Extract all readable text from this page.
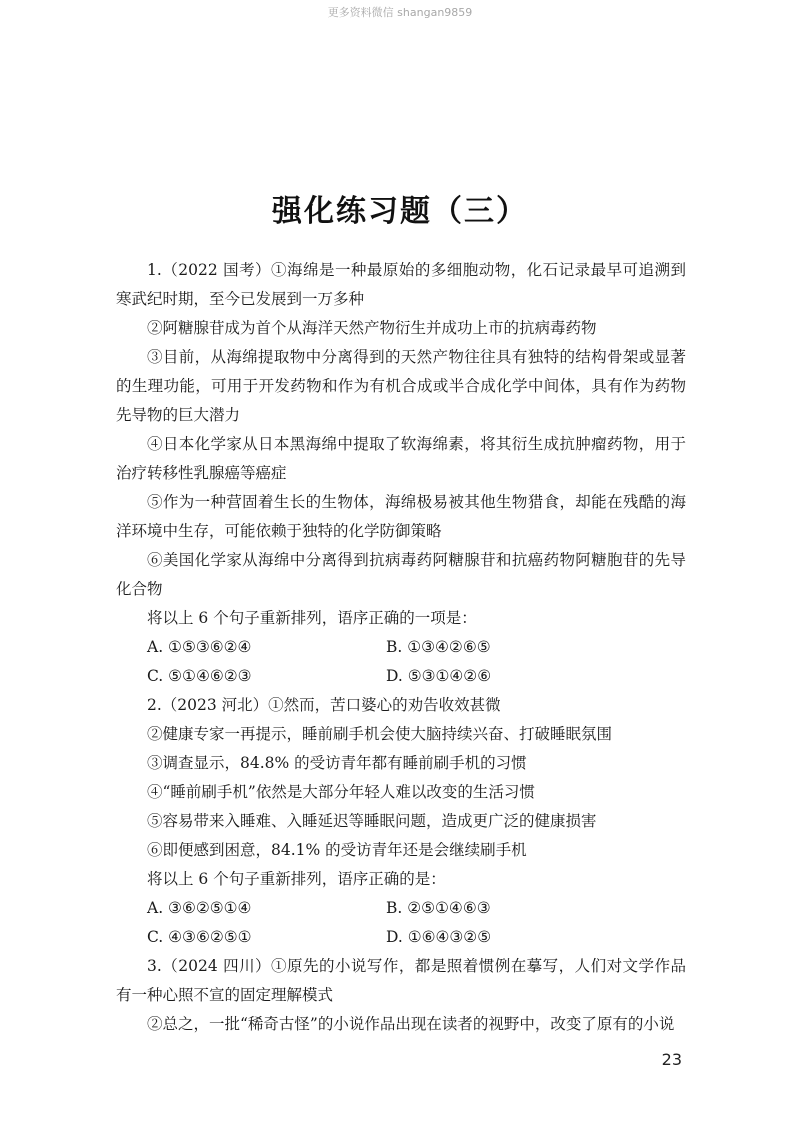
更多资料微信 shangan9859
强化练习题（三）

1.（2022 国考）①海绵是一种最原始的多细胞动物，化石记录最早可追溯到寒武纪时期，至今已发展到一万多种

②阿糖腺苷成为首个从海洋天然产物衍生并成功上市的抗病毒药物

③目前，从海绵提取物中分离得到的天然产物往往具有独特的结构骨架或显著的生理功能，可用于开发药物和作为有机合成或半合成化学中间体，具有作为药物先导物的巨大潜力

④日本化学家从日本黑海绵中提取了软海绵素，将其衍生成抗肿瘤药物，用于治疗转移性乳腺癌等癌症

⑤作为一种营固着生长的生物体，海绵极易被其他生物猎食，却能在残酷的海洋环境中生存，可能依赖于独特的化学防御策略

⑥美国化学家从海绵中分离得到抗病毒药阿糖腺苷和抗癌药物阿糖胞苷的先导化合物

将以上 6 个句子重新排列，语序正确的一项是：

A. ①⑤③⑥②④	B. ①③④②⑥⑤
C. ⑤①④⑥②③	D. ⑤③①④②⑥

2.（2023 河北）①然而，苦口婆心的劝告收效甚微

②健康专家一再提示，睡前刷手机会使大脑持续兴奋、打破睡眠氛围

③调查显示，84.8% 的受访青年都有睡前刷手机的习惯

④“睡前刷手机”依然是大部分年轻人难以改变的生活习惯

⑤容易带来入睡难、入睡延迟等睡眠问题，造成更广泛的健康损害

⑥即便感到困意，84.1% 的受访青年还是会继续刷手机

将以上 6 个句子重新排列，语序正确的是：

A. ③⑥②⑤①④	B. ②⑤①④⑥③
C. ④③⑥②⑤①	D. ①⑥④③②⑤

3.（2024 四川）①原先的小说写作，都是照着惯例在摹写，人们对文学作品有一种心照不宣的固定理解模式

②总之，一批“稀奇古怪”的小说作品出现在读者的视野中，改变了原有的小说

23
